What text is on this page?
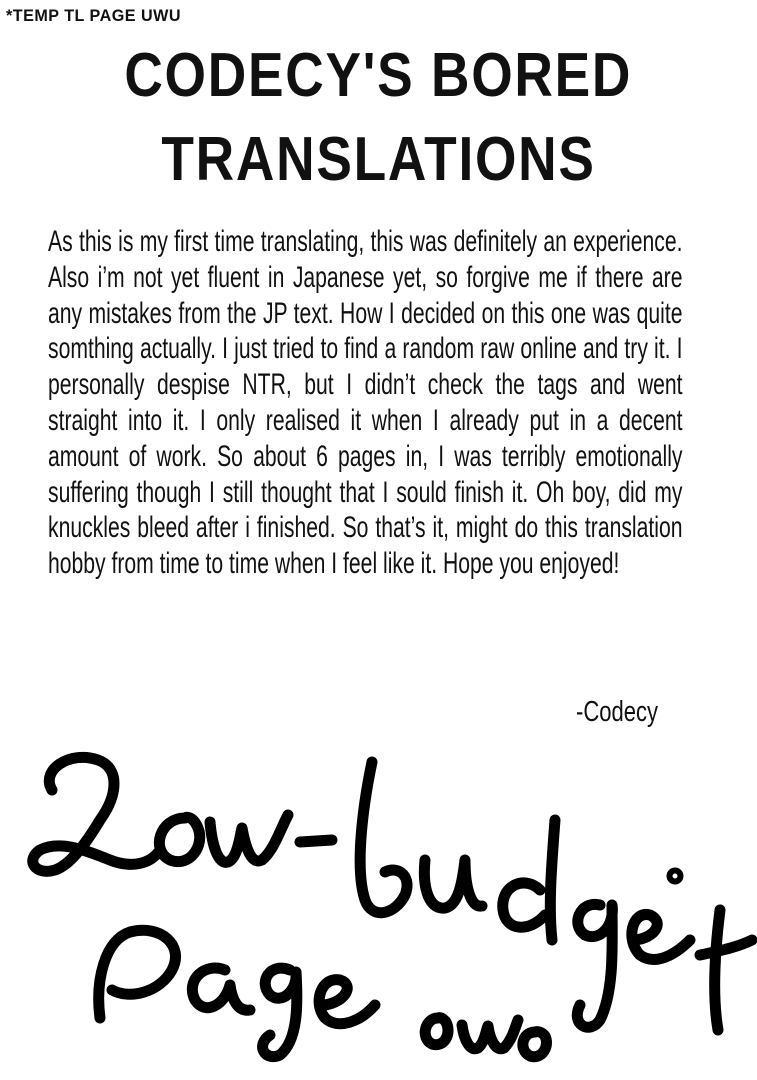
*TEMP TL PAGE UWU
CODECY'S BORED
TRANSLATIONS

As this is my first time translating, this was definitely an experience. Also i’m not yet fluent in Japanese yet, so forgive me if there are any mistakes from the JP text. How I decided on this one was quite somthing actually. I just tried to find a random raw online and try it. I personally despise NTR, but I didn’t check the tags and went straight into it. I only realised it when I already put in a decent amount of work. So about 6 pages in, I was terribly emotionally suffering though I still thought that I sould finish it. Oh boy, did my knuckles bleed after i finished. So that’s it, might do this translation hobby from time to time when I feel like it. Hope you enjoyed!

-Codecy
